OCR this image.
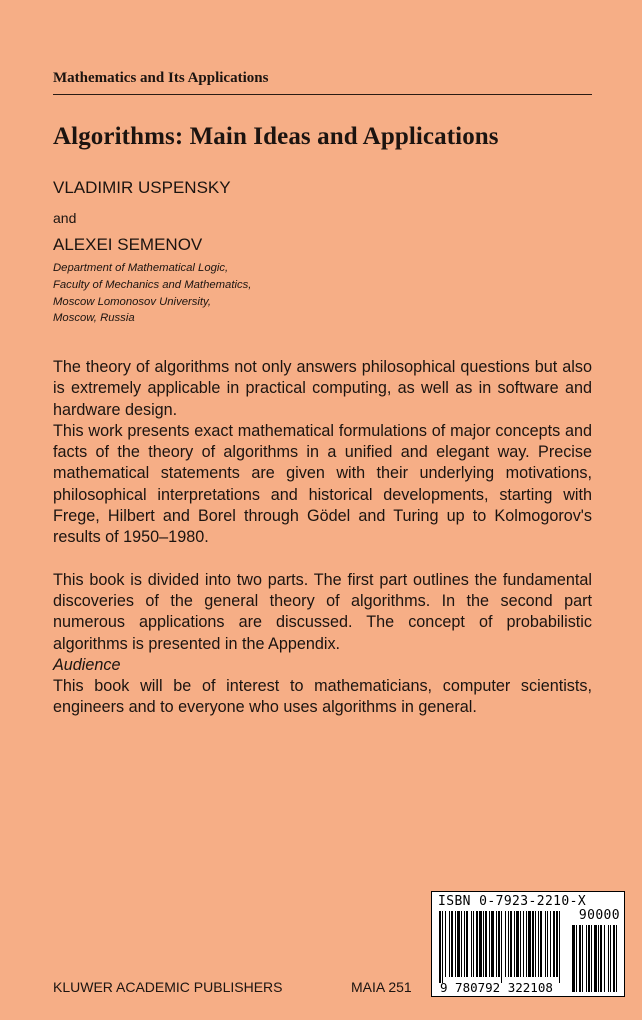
Mathematics and Its Applications
Algorithms: Main Ideas and Applications
VLADIMIR USPENSKY
and
ALEXEI SEMENOV
Department of Mathematical Logic,
Faculty of Mechanics and Mathematics,
Moscow Lomonosov University,
Moscow, Russia

The theory of algorithms not only answers philosophical questions but also is extremely applicable in practical computing, as well as in software and hardware design.

This work presents exact mathematical formulations of major concepts and facts of the theory of algorithms in a unified and elegant way. Precise mathematical statements are given with their underlying motivations, philosophical interpretations and historical developments, starting with Frege, Hilbert and Borel through Gödel and Turing up to Kolmogorov's results of 1950–1980.

This book is divided into two parts. The first part outlines the fundamental discoveries of the general theory of algorithms. In the second part numerous applications are discussed. The concept of probabilistic algorithms is presented in the Appendix.

Audience

This book will be of interest to mathematicians, computer scientists, engineers and to everyone who uses algorithms in general.

ISBN 0-7923-2210-X
90000
9 780792 322108
KLUWER ACADEMIC PUBLISHERS	MAIA 251
